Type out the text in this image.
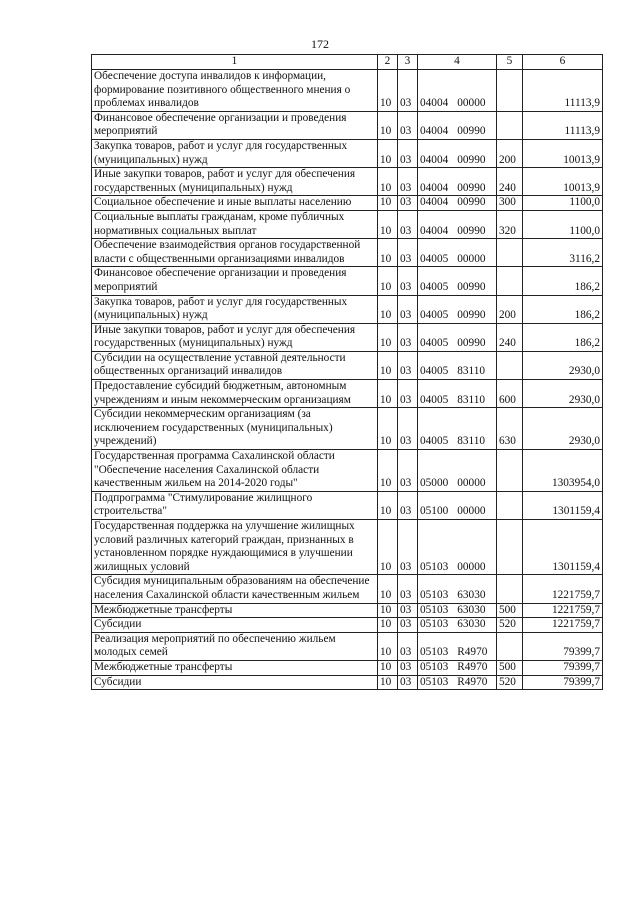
172
1	2	3	4	5	6
Обеспечение доступа инвалидов к информации, формирование позитивного общественного мнения о проблемах инвалидов	10	03	04004 00000		11113,9
Финансовое обеспечение организации и проведения мероприятий	10	03	04004 00990		11113,9
Закупка товаров, работ и услуг для государственных (муниципальных) нужд	10	03	04004 00990	200	10013,9
Иные закупки товаров, работ и услуг для обеспечения государственных (муниципальных) нужд	10	03	04004 00990	240	10013,9
Социальное обеспечение и иные выплаты населению	10	03	04004 00990	300	1100,0
Социальные выплаты гражданам, кроме публичных нормативных социальных выплат	10	03	04004 00990	320	1100,0
Обеспечение взаимодействия органов государственной власти с общественными организациями инвалидов	10	03	04005 00000		3116,2
Финансовое обеспечение организации и проведения мероприятий	10	03	04005 00990		186,2
Закупка товаров, работ и услуг для государственных (муниципальных) нужд	10	03	04005 00990	200	186,2
Иные закупки товаров, работ и услуг для обеспечения государственных (муниципальных) нужд	10	03	04005 00990	240	186,2
Субсидии на осуществление уставной деятельности общественных организаций инвалидов	10	03	04005 83110		2930,0
Предоставление субсидий бюджетным, автономным учреждениям и иным некоммерческим организациям	10	03	04005 83110	600	2930,0
Субсидии некоммерческим организациям (за исключением государственных (муниципальных) учреждений)	10	03	04005 83110	630	2930,0
Государственная программа Сахалинской области "Обеспечение населения Сахалинской области качественным жильем на 2014-2020 годы"	10	03	05000 00000		1303954,0
Подпрограмма "Стимулирование жилищного строительства"	10	03	05100 00000		1301159,4
Государственная поддержка на улучшение жилищных условий различных категорий граждан, признанных в установленном порядке нуждающимися в улучшении жилищных условий	10	03	05103 00000		1301159,4
Субсидия муниципальным образованиям на обеспечение населения Сахалинской области качественным жильем	10	03	05103 63030		1221759,7
Межбюджетные трансферты	10	03	05103 63030	500	1221759,7
Субсидии	10	03	05103 63030	520	1221759,7
Реализация мероприятий по обеспечению жильем молодых семей	10	03	05103 R4970		79399,7
Межбюджетные трансферты	10	03	05103 R4970	500	79399,7
Субсидии	10	03	05103 R4970	520	79399,7
